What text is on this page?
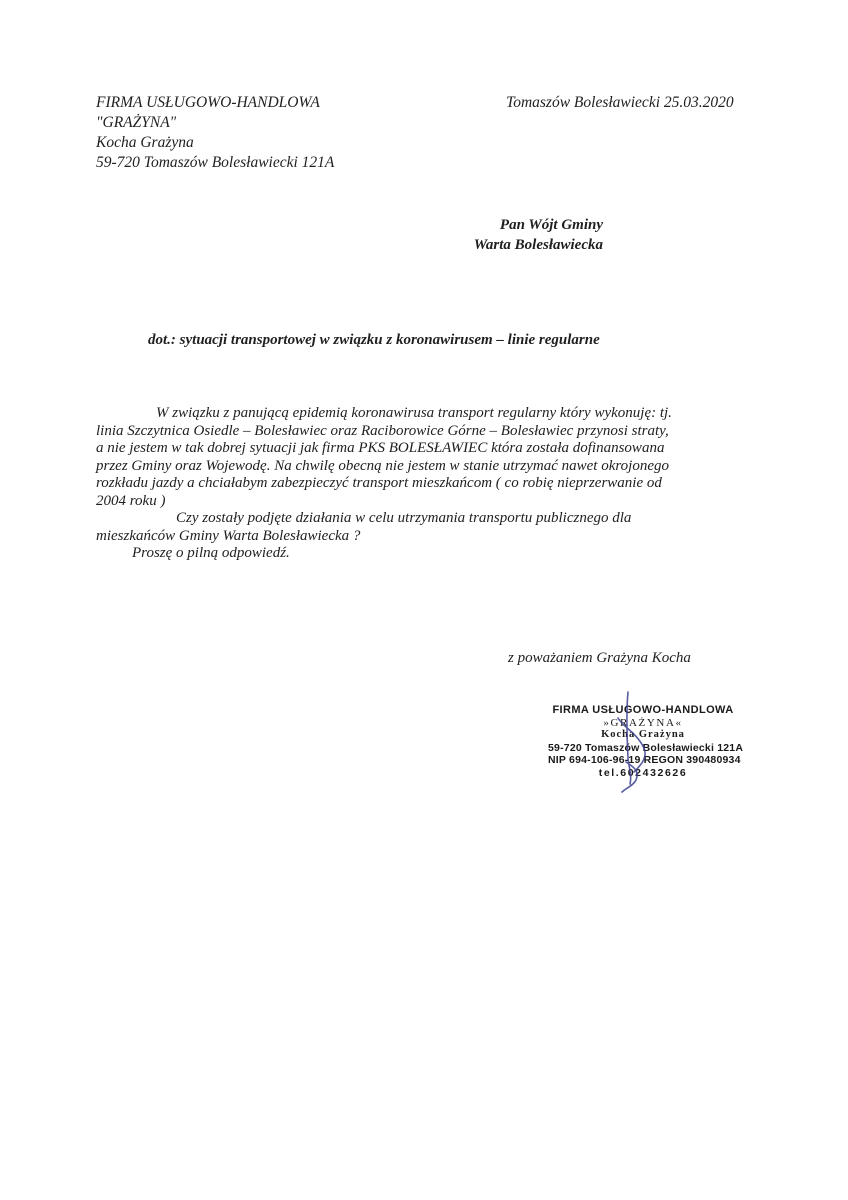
FIRMA USŁUGOWO-HANDLOWA
"GRAŻYNA"
Kocha Grażyna
59-720 Tomaszów Bolesławiecki 121A
Tomaszów Bolesławiecki 25.03.2020
Pan Wójt Gminy
Warta Bolesławiecka
dot.: sytuacji transportowej w związku z koronawirusem – linie regularne
W związku z panującą epidemią koronawirusa transport regularny który wykonuję: tj.
linia Szczytnica Osiedle – Bolesławiec oraz Raciborowice Górne – Bolesławiec przynosi straty,
a nie jestem w tak dobrej sytuacji jak firma PKS BOLESŁAWIEC która została dofinansowana
przez Gminy oraz Wojewodę. Na chwilę obecną nie jestem w stanie utrzymać nawet okrojonego
rozkładu jazdy a chciałabym zabezpieczyć transport mieszkańcom ( co robię nieprzerwanie od
2004 roku )
Czy zostały podjęte działania w celu utrzymania transportu publicznego dla
mieszkańców Gminy Warta Bolesławiecka ?
Proszę o pilną odpowiedź.
z poważaniem Grażyna Kocha
FIRMA USŁUGOWO-HANDLOWA
»GRAŻYNA«
Kocha Grażyna
59-720 Tomaszów Bolesławiecki 121A
NIP 694-106-96-19 REGON 390480934
tel.602432626
